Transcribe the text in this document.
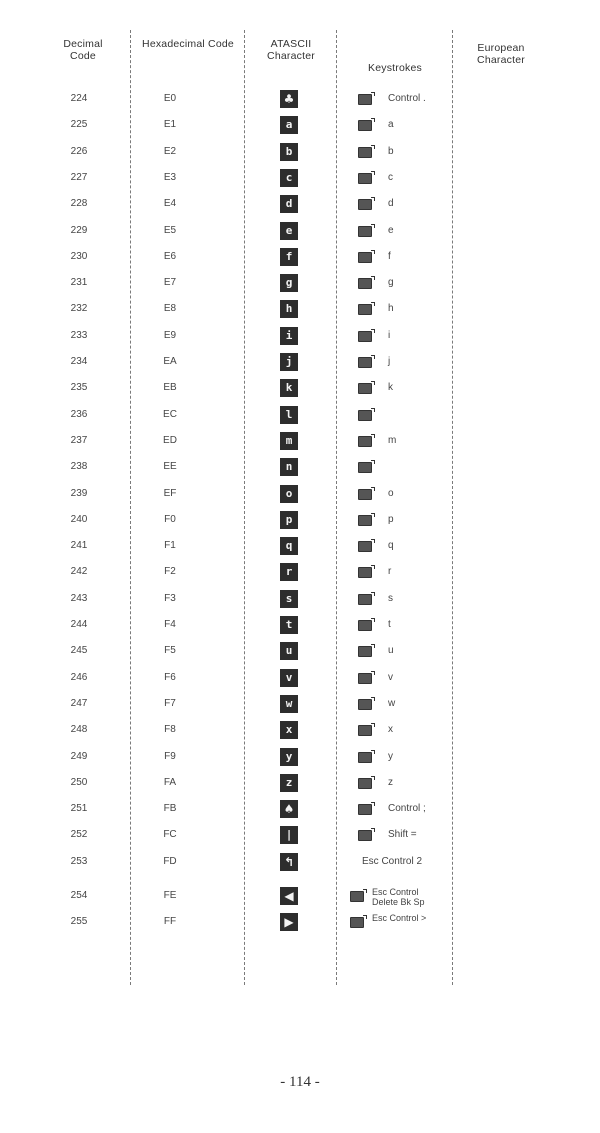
Decimal Code
Hexadecimal Code	ATASCII Character
Keystrokes
European Character
224	E0	♣	Control .
225	E1	a	a
226	E2	b	b
227	E3	c	c
228	E4	d	d
229	E5	e	e
230	E6	f	f
231	E7	g	g
232	E8	h	h
233	E9	i	i
234	EA	j	j
235	EB	k	k
236	EC	l
237	ED	m	m
238	EE	n
239	EF	o	o
240	F0	p	p
241	F1	q	q
242	F2	r	r
243	F3	s	s
244	F4	t	t
245	F5	u	u
246	F6	v	v
247	F7	w	w
248	F8	x	x
249	F9	y	y
250	FA	z	z
251	FB	♠	Control ;
252	FC	|	Shift =
253	FD	↰	Esc Control 2
254	FE	◀	Esc Control Delete Bk Sp
255	FF	▶	Esc Control >
- 114 -
